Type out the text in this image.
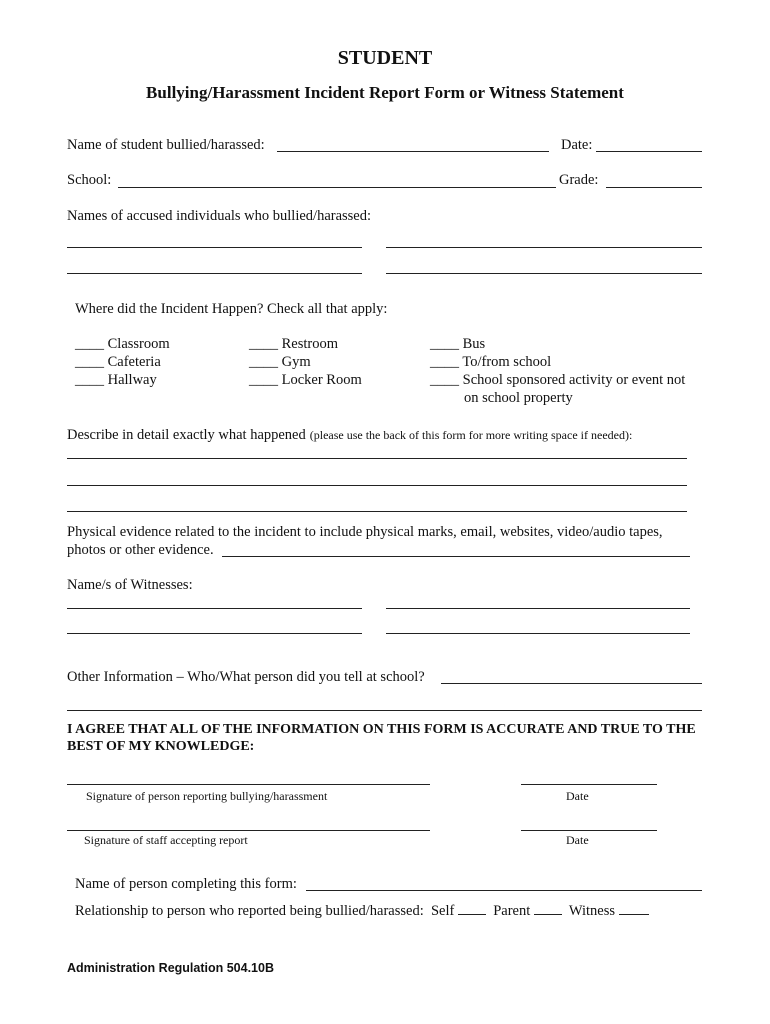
STUDENT
Bullying/Harassment Incident Report Form or Witness Statement
Name of student bullied/harassed:	Date:
School:	Grade:
Names of accused individuals who bullied/harassed:
Where did the Incident Happen? Check all that apply:
____ Classroom
____ Cafeteria
____ Hallway
____ Restroom
____ Gym
____ Locker Room
____ Bus
____ To/from school
____ School sponsored activity or event not
on school property
Describe in detail exactly what happened (please use the back of this form for more writing space if needed):
Physical evidence related to the incident to include physical marks, email, websites, video/audio tapes,
photos or other evidence.
Name/s of Witnesses:
Other Information – Who/What person did you tell at school?
I AGREE THAT ALL OF THE INFORMATION ON THIS FORM IS ACCURATE AND TRUE TO THE
BEST OF MY KNOWLEDGE:
Signature of person reporting bullying/harassment	Date
Signature of staff accepting report	Date
Name of person completing this form:
Relationship to person who reported being bullied/harassed: Self	Parent	Witness
Administration Regulation 504.10B
